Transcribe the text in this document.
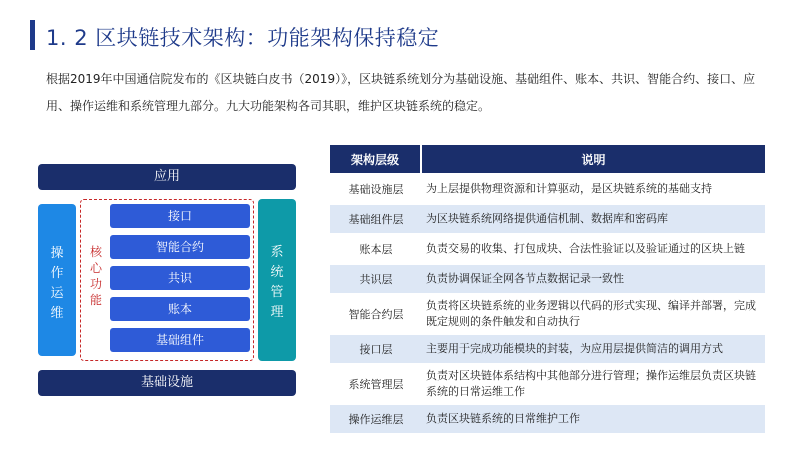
1. 2 区块链技术架构：功能架构保持稳定
根据2019年中国通信院发布的《区块链白皮书（2019）》，区块链系统划分为基础设施、基础组件、账本、共识、智能合约、接口、应用、操作运维和系统管理九部分。九大功能架构各司其职，维护区块链系统的稳定。
应用
操
作
运
维
核
心
功
能
接口
智能合约
共识
账本
基础组件
系
统
管
理
基础设施
架构层级	说明
基础设施层	为上层提供物理资源和计算驱动，是区块链系统的基础支持
基础组件层	为区块链系统网络提供通信机制、数据库和密码库
账本层	负责交易的收集、打包成块、合法性验证以及验证通过的区块上链
共识层	负责协调保证全网各节点数据记录一致性
智能合约层	负责将区块链系统的业务逻辑以代码的形式实现、编译并部署，完成既定规则的条件触发和自动执行
接口层	主要用于完成功能模块的封装，为应用层提供简洁的调用方式
系统管理层	负责对区块链体系结构中其他部分进行管理；操作运维层负责区块链系统的日常运维工作
操作运维层	负责区块链系统的日常维护工作
